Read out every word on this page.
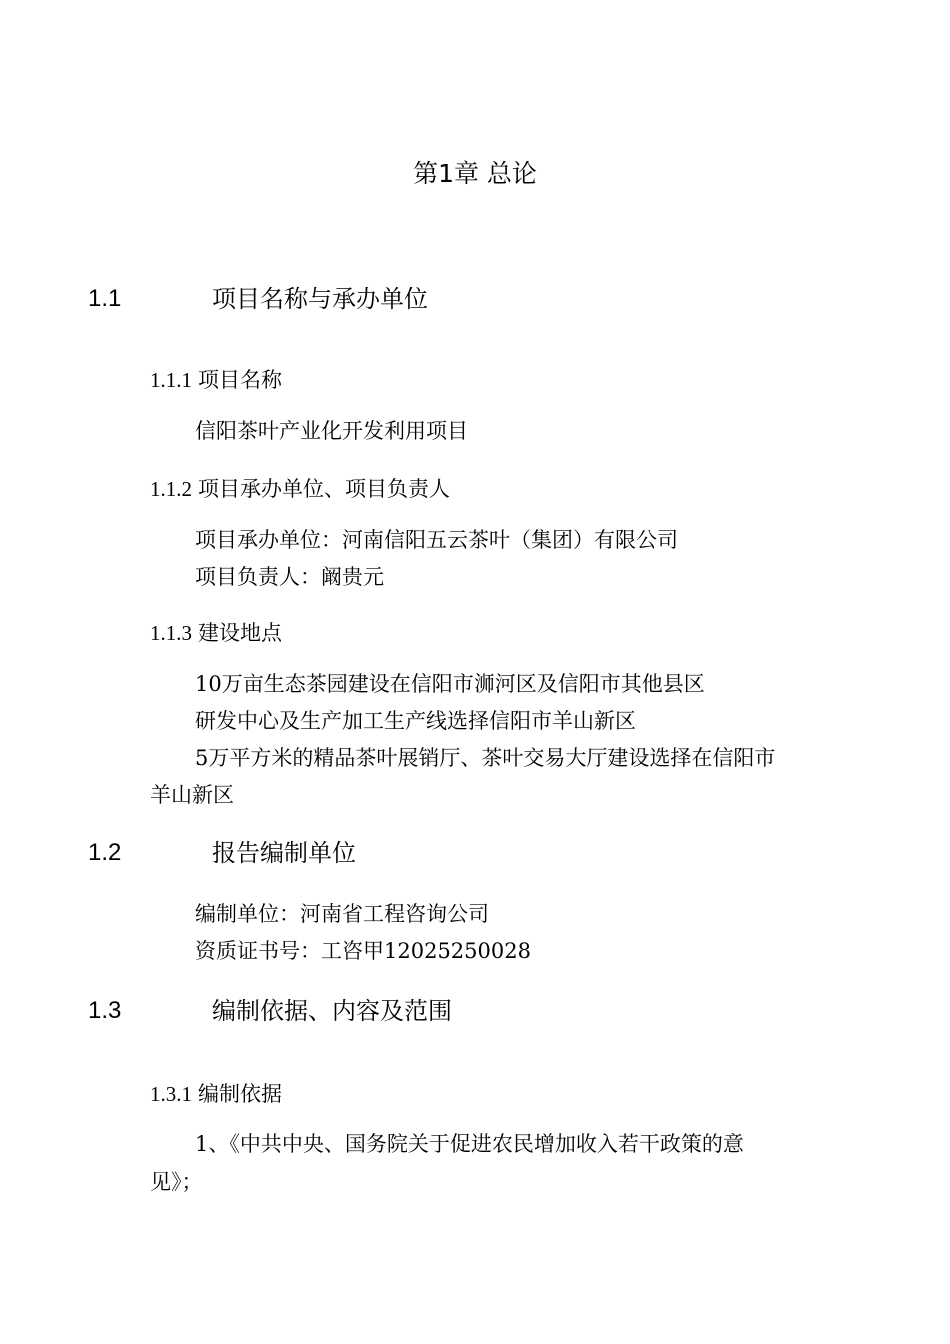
第1章 总论
1.1	项目名称与承办单位
1.1.1 项目名称
信阳茶叶产业化开发利用项目
1.1.2 项目承办单位、项目负责人
项目承办单位：河南信阳五云茶叶（集团）有限公司
项目负责人：阚贵元
1.1.3 建设地点
10万亩生态茶园建设在信阳市浉河区及信阳市其他县区
研发中心及生产加工生产线选择信阳市羊山新区
5万平方米的精品茶叶展销厅、茶叶交易大厅建设选择在信阳市
羊山新区
1.2	报告编制单位
编制单位：河南省工程咨询公司
资质证书号：工咨甲12025250028
1.3	编制依据、内容及范围
1.3.1 编制依据
1、《中共中央、国务院关于促进农民增加收入若干政策的意
见》；
